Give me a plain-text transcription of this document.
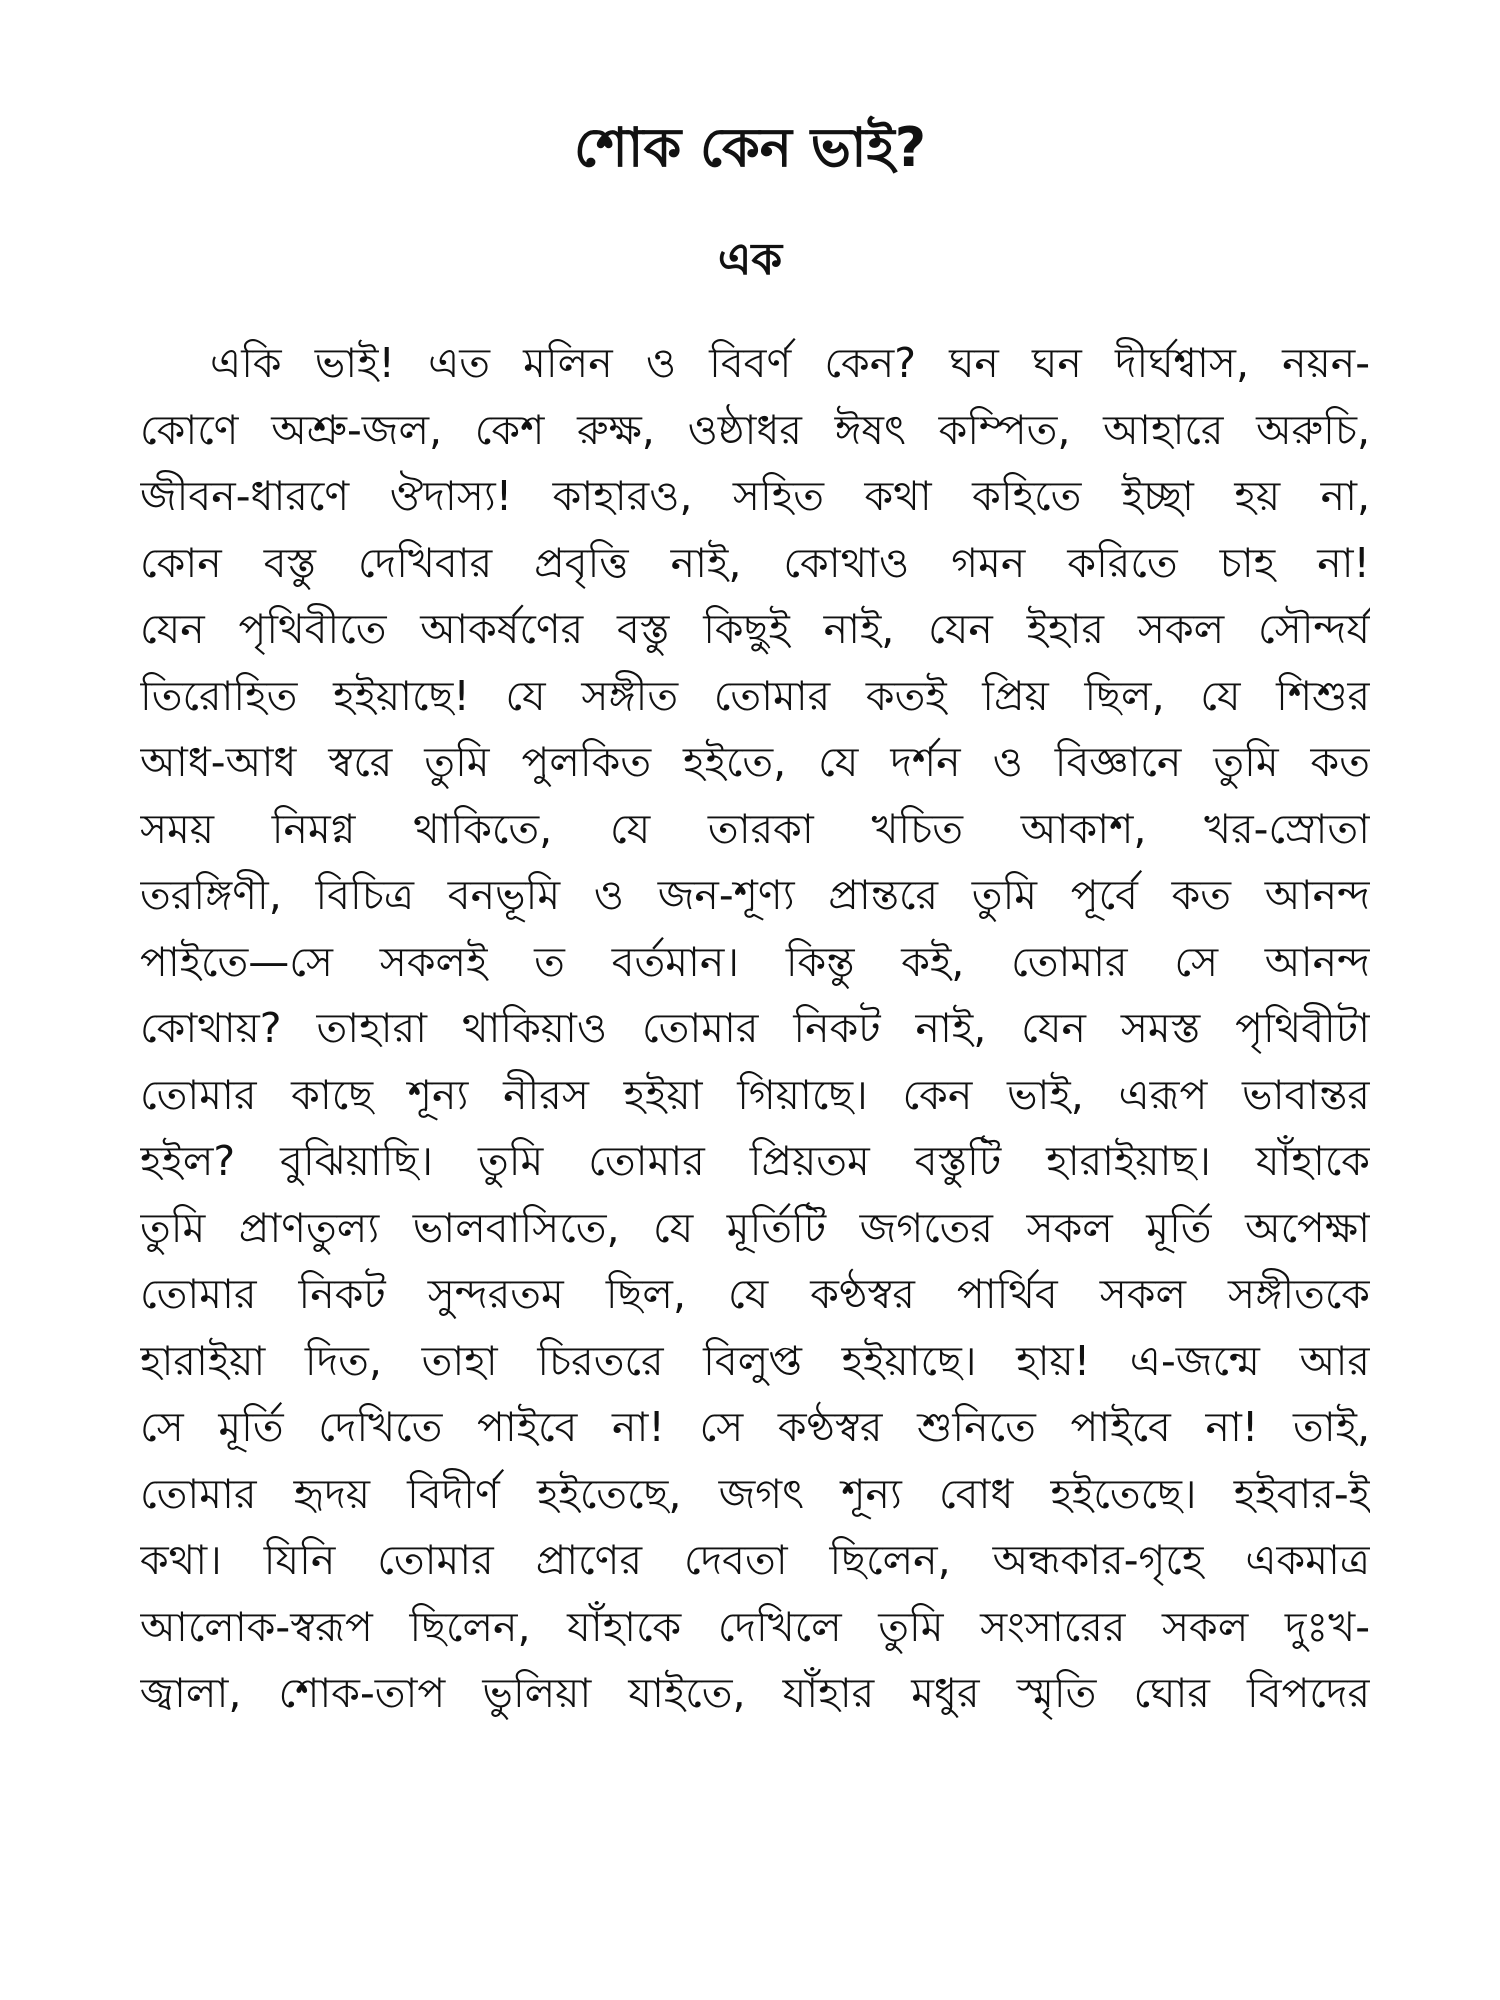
শোক কেন ভাই?
এক
একি ভাই! এত মলিন ও বিবর্ণ কেন? ঘন ঘন দীর্ঘশ্বাস, নয়ন-
কোণে অশ্রু-জল, কেশ রুক্ষ, ওষ্ঠাধর ঈষৎ কম্পিত, আহারে অরুচি,
জীবন-ধারণে ঔদাস্য! কাহারও, সহিত কথা কহিতে ইচ্ছা হয় না,
কোন বস্তু দেখিবার প্রবৃত্তি নাই, কোথাও গমন করিতে চাহ না!
যেন পৃথিবীতে আকর্ষণের বস্তু কিছুই নাই, যেন ইহার সকল সৌন্দর্য
তিরোহিত হইয়াছে! যে সঙ্গীত তোমার কতই প্রিয় ছিল, যে শিশুর
আধ-আধ স্বরে তুমি পুলকিত হইতে, যে দর্শন ও বিজ্ঞানে তুমি কত
সময় নিমগ্ন থাকিতে, যে তারকা খচিত আকাশ, খর-স্রোতা
তরঙ্গিণী, বিচিত্র বনভূমি ও জন-শূণ্য প্রান্তরে তুমি পূর্বে কত আনন্দ
পাইতে—সে সকলই ত বর্তমান। কিন্তু কই, তোমার সে আনন্দ
কোথায়? তাহারা থাকিয়াও তোমার নিকট নাই, যেন সমস্ত পৃথিবীটা
তোমার কাছে শূন্য নীরস হইয়া গিয়াছে। কেন ভাই, এরূপ ভাবান্তর
হইল? বুঝিয়াছি। তুমি তোমার প্রিয়তম বস্তুটি হারাইয়াছ। যাঁহাকে
তুমি প্রাণতুল্য ভালবাসিতে, যে মূর্তিটি জগতের সকল মূর্তি অপেক্ষা
তোমার নিকট সুন্দরতম ছিল, যে কণ্ঠস্বর পার্থিব সকল সঙ্গীতকে
হারাইয়া দিত, তাহা চিরতরে বিলুপ্ত হইয়াছে। হায়! এ-জন্মে আর
সে মূর্তি দেখিতে পাইবে না! সে কণ্ঠস্বর শুনিতে পাইবে না! তাই,
তোমার হৃদয় বিদীর্ণ হইতেছে, জগৎ শূন্য বোধ হইতেছে। হইবার-ই
কথা। যিনি তোমার প্রাণের দেবতা ছিলেন, অন্ধকার-গৃহে একমাত্র
আলোক-স্বরূপ ছিলেন, যাঁহাকে দেখিলে তুমি সংসারের সকল দুঃখ-
জ্বালা, শোক-তাপ ভুলিয়া যাইতে, যাঁহার মধুর স্মৃতি ঘোর বিপদের
